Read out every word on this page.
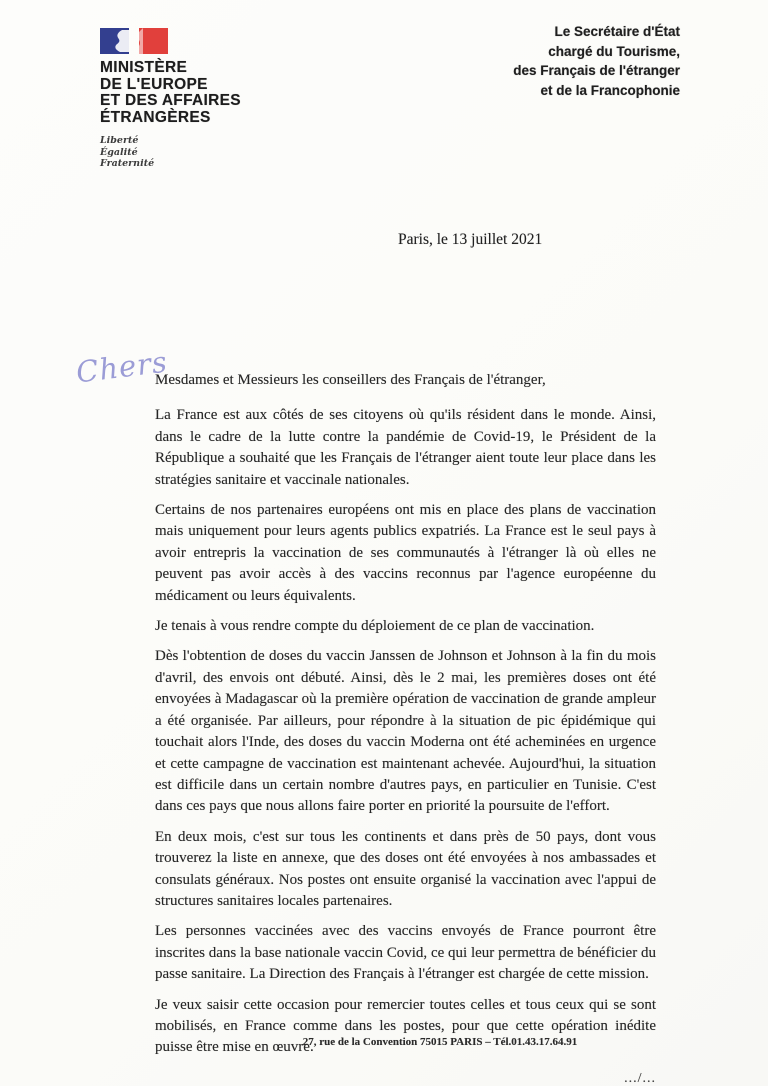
MINISTÈRE
DE L'EUROPE
ET DES AFFAIRES
ÉTRANGÈRES
Liberté
Égalité
Fraternité
Le Secrétaire d'État
chargé du Tourisme,
des Français de l'étranger
et de la Francophonie
Paris, le 13 juillet 2021
Chers

Mesdames et Messieurs les conseillers des Français de l'étranger,

La France est aux côtés de ses citoyens où qu'ils résident dans le monde. Ainsi, dans le cadre de la lutte contre la pandémie de Covid-19, le Président de la République a souhaité que les Français de l'étranger aient toute leur place dans les stratégies sanitaire et vaccinale nationales.

Certains de nos partenaires européens ont mis en place des plans de vaccination mais uniquement pour leurs agents publics expatriés. La France est le seul pays à avoir entrepris la vaccination de ses communautés à l'étranger là où elles ne peuvent pas avoir accès à des vaccins reconnus par l'agence européenne du médicament ou leurs équivalents.

Je tenais à vous rendre compte du déploiement de ce plan de vaccination.

Dès l'obtention de doses du vaccin Janssen de Johnson et Johnson à la fin du mois d'avril, des envois ont débuté. Ainsi, dès le 2 mai, les premières doses ont été envoyées à Madagascar où la première opération de vaccination de grande ampleur a été organisée. Par ailleurs, pour répondre à la situation de pic épidémique qui touchait alors l'Inde, des doses du vaccin Moderna ont été acheminées en urgence et cette campagne de vaccination est maintenant achevée. Aujourd'hui, la situation est difficile dans un certain nombre d'autres pays, en particulier en Tunisie. C'est dans ces pays que nous allons faire porter en priorité la poursuite de l'effort.

En deux mois, c'est sur tous les continents et dans près de 50 pays, dont vous trouverez la liste en annexe, que des doses ont été envoyées à nos ambassades et consulats généraux. Nos postes ont ensuite organisé la vaccination avec l'appui de structures sanitaires locales partenaires.

Les personnes vaccinées avec des vaccins envoyés de France pourront être inscrites dans la base nationale vaccin Covid, ce qui leur permettra de bénéficier du passe sanitaire. La Direction des Français à l'étranger est chargée de cette mission.

Je veux saisir cette occasion pour remercier toutes celles et tous ceux qui se sont mobilisés, en France comme dans les postes, pour que cette opération inédite puisse être mise en œuvre.

.../...
27, rue de la Convention 75015 PARIS – Tél.01.43.17.64.91
